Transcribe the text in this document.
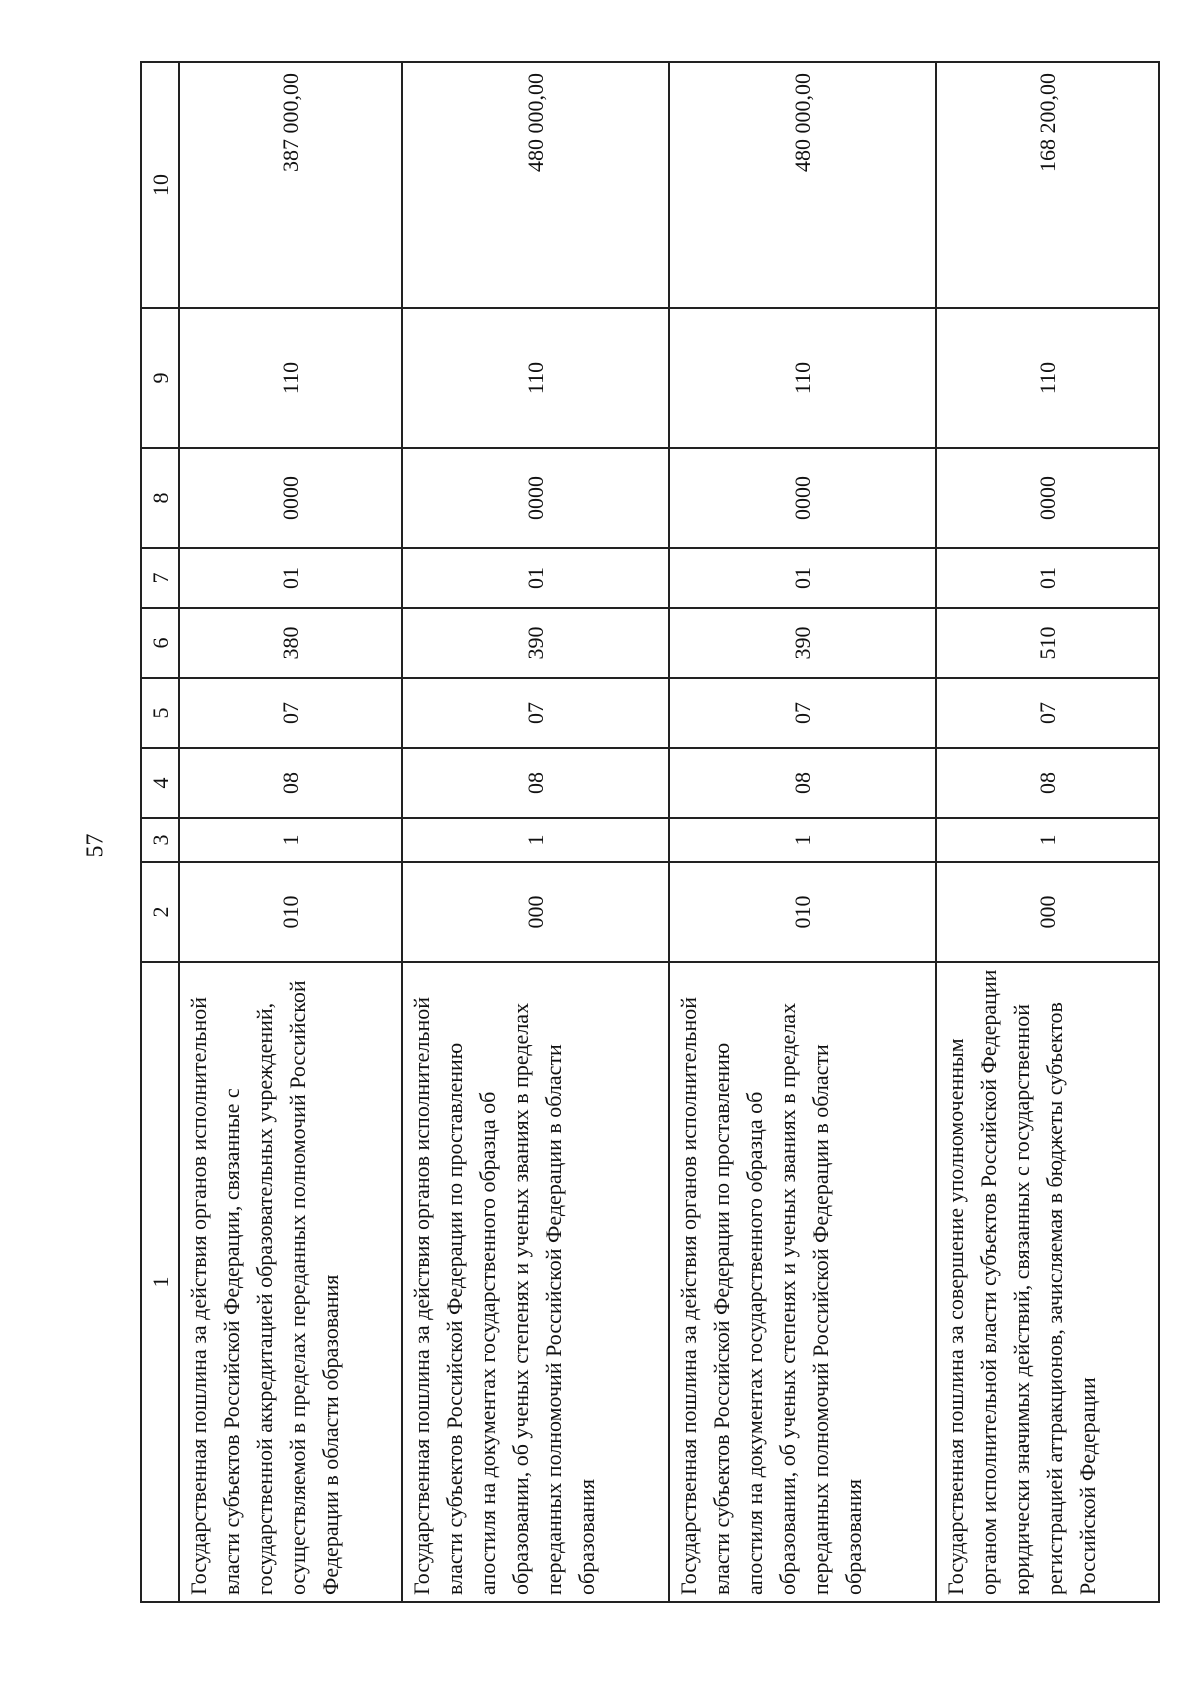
57
1	2	3	4	5	6	7	8	9	10
Государственная пошлина за действия органов исполнительной власти субъектов Российской Федерации, связанные с государственной аккредитацией образовательных учреждений, осуществляемой в пределах переданных полномочий Российской Федерации в области образования	010	1	08	07	380	01	0000	110	387 000,00
Государственная пошлина за действия органов исполнительной власти субъектов Российской Федерации по проставлению апостиля на документах государственного образца об образовании, об ученых степенях и ученых званиях в пределах переданных полномочий Российской Федерации в области образования	000	1	08	07	390	01	0000	110	480 000,00
Государственная пошлина за действия органов исполнительной власти субъектов Российской Федерации по проставлению апостиля на документах государственного образца об образовании, об ученых степенях и ученых званиях в пределах переданных полномочий Российской Федерации в области образования	010	1	08	07	390	01	0000	110	480 000,00
Государственная пошлина за совершение уполномоченным органом исполнительной власти субъектов Российской Федерации юридически значимых действий, связанных с государственной регистрацией аттракционов, зачисляемая в бюджеты субъектов Российской Федерации	000	1	08	07	510	01	0000	110	168 200,00
